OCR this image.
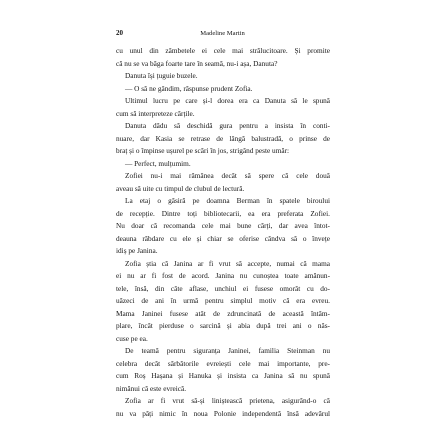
20	Madeline Martin
cu unul din zâmbetele ei cele mai strălucitoare. Și promite
că nu se va băga foarte tare în seamă, nu-i așa, Danuta?
Danuta își țuguie buzele.
— O să ne gândim, răspunse prudent Zofia.
Ultimul lucru pe care și-l dorea era ca Danuta să le spună
cum să interpreteze cărțile.
Danuta dădu să deschidă gura pentru a insista în conti-
nuare, dar Kasia se retrase de lângă balustradă, o prinse de
braț și o împinse ușurel pe scări în jos, strigând peste umăr:
— Perfect, mulțumim.
Zofiei nu-i mai rămânea decât să spere că cele două
aveau să uite cu timpul de clubul de lectură.
La etaj o găsiră pe doamna Berman în spatele biroului
de recepție. Dintre toți bibliotecarii, ea era preferata Zofiei.
Nu doar că recomanda cele mai bune cărți, dar avea întot-
deauna răbdare cu ele și chiar se oferise cândva să o învețe
idiș pe Janina.
Zofia știa că Janina ar fi vrut să accepte, numai că mama
ei nu ar fi fost de acord. Janina nu cunoștea toate amănun-
tele, însă, din câte aflase, unchiul ei fusese omorât cu do-
uăzeci de ani în urmă pentru simplul motiv că era evreu.
Mama Janinei fusese atât de zdruncinată de această întâm-
plare, încât pierduse o sarcină și abia după trei ani o năs-
cuse pe ea.
De teamă pentru siguranța Janinei, familia Steinman nu
celebra decât sărbătorile evreiești cele mai importante, pre-
cum Roș Hașana și Hanuka și insista ca Janina să nu spună
nimănui că este evreică.
Zofia ar fi vrut să-și liniștească prietena, asigurând-o că
nu va păți nimic în noua Polonie independentă însă adevărul
